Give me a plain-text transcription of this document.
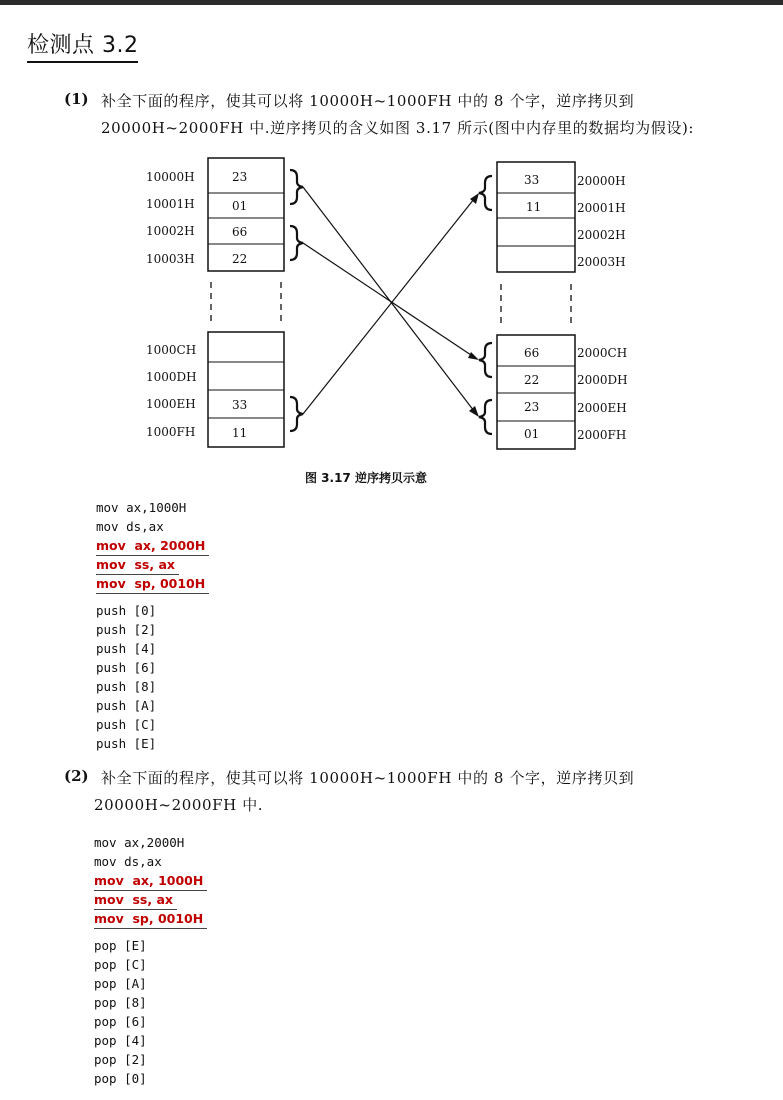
检测点 3.2
(1) 补全下面的程序，使其可以将 10000H~1000FH 中的 8 个字，逆序拷贝到 20000H~2000FH 中.逆序拷贝的含义如图 3.17 所示(图中内存里的数据均为假设):
10000H
10001H
10002H
10003H
1000CH
1000DH
1000EH
1000FH
23
01
66
22
33
11
33
11
66
22
23
01
20000H
20001H
20002H
20003H
2000CH
2000DH
2000EH
2000FH
图 3.17 逆序拷贝示意
mov ax,1000H
mov ds,ax
mov  ax, 2000H
mov  ss, ax
mov  sp, 0010H
push [0]
push [2]
push [4]
push [6]
push [8]
push [A]
push [C]
push [E]
(2) 补全下面的程序，使其可以将 10000H~1000FH 中的 8 个字，逆序拷贝到
20000H~2000FH 中.
mov ax,2000H
mov ds,ax
mov  ax, 1000H
mov  ss, ax
mov  sp, 0010H
pop [E]
pop [C]
pop [A]
pop [8]
pop [6]
pop [4]
pop [2]
pop [0]
